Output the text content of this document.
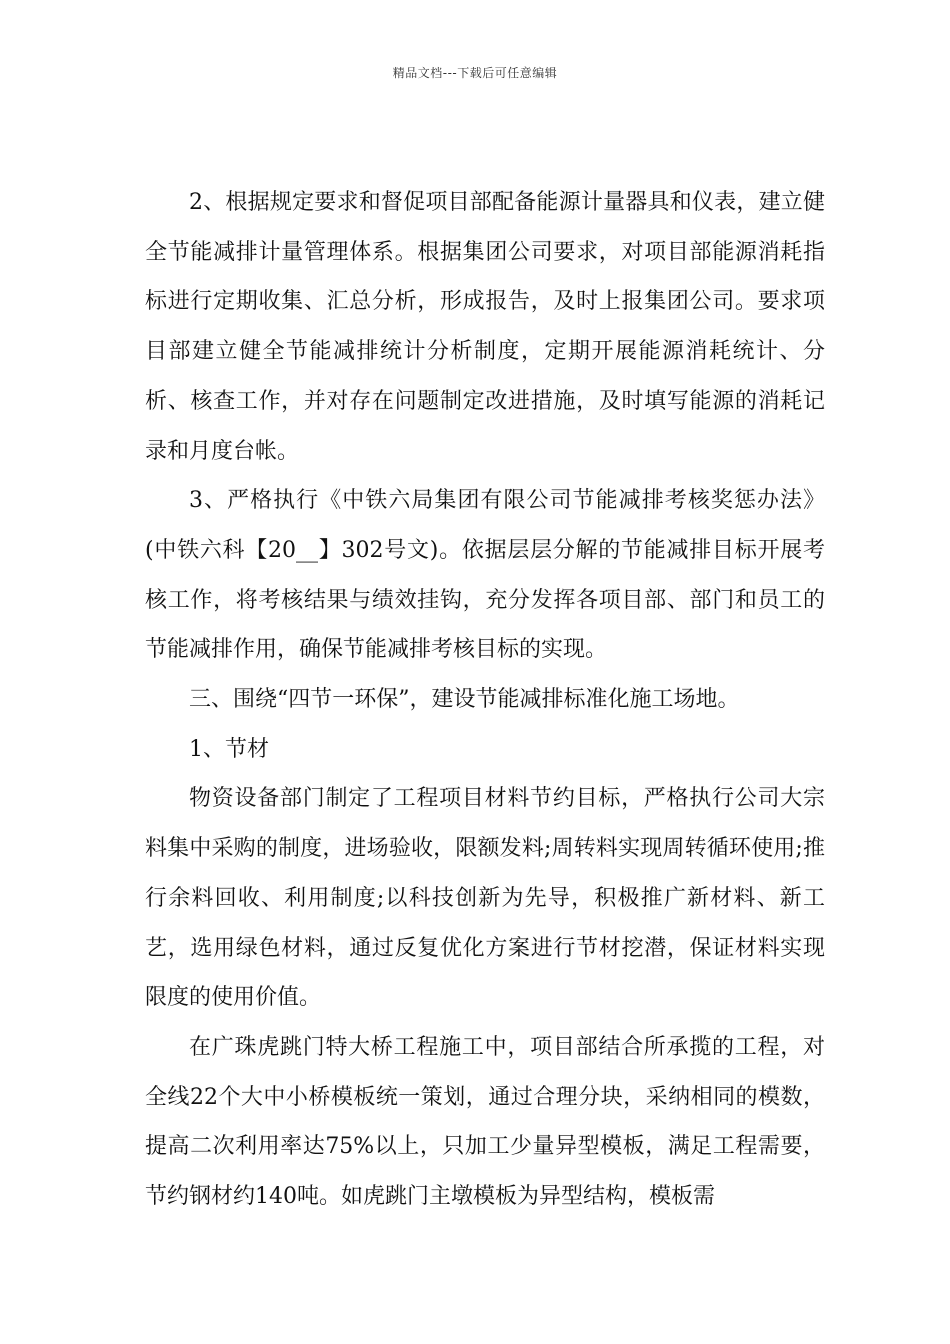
精品文档---下载后可任意编辑

2、根据规定要求和督促项目部配备能源计量器具和仪表，建立健全节能减排计量管理体系。根据集团公司要求，对项目部能源消耗指标进行定期收集、汇总分析，形成报告，及时上报集团公司。要求项目部建立健全节能减排统计分析制度，定期开展能源消耗统计、分析、核查工作，并对存在问题制定改进措施，及时填写能源的消耗记录和月度台帐。

3、严格执行《中铁六局集团有限公司节能减排考核奖惩办法》(中铁六科【20__】302号文)。依据层层分解的节能减排目标开展考核工作，将考核结果与绩效挂钩，充分发挥各项目部、部门和员工的节能减排作用，确保节能减排考核目标的实现。

三、围绕“四节一环保”，建设节能减排标准化施工场地。

1、节材

物资设备部门制定了工程项目材料节约目标，严格执行公司大宗料集中采购的制度，进场验收，限额发料;周转料实现周转循环使用;推行余料回收、利用制度;以科技创新为先导，积极推广新材料、新工艺，选用绿色材料，通过反复优化方案进行节材挖潜，保证材料实现限度的使用价值。

在广珠虎跳门特大桥工程施工中，项目部结合所承揽的工程，对全线22个大中小桥模板统一策划，通过合理分块，采纳相同的模数，提高二次利用率达75%以上，只加工少量异型模板，满足工程需要，节约钢材约140吨。如虎跳门主墩模板为异型结构，模板需
